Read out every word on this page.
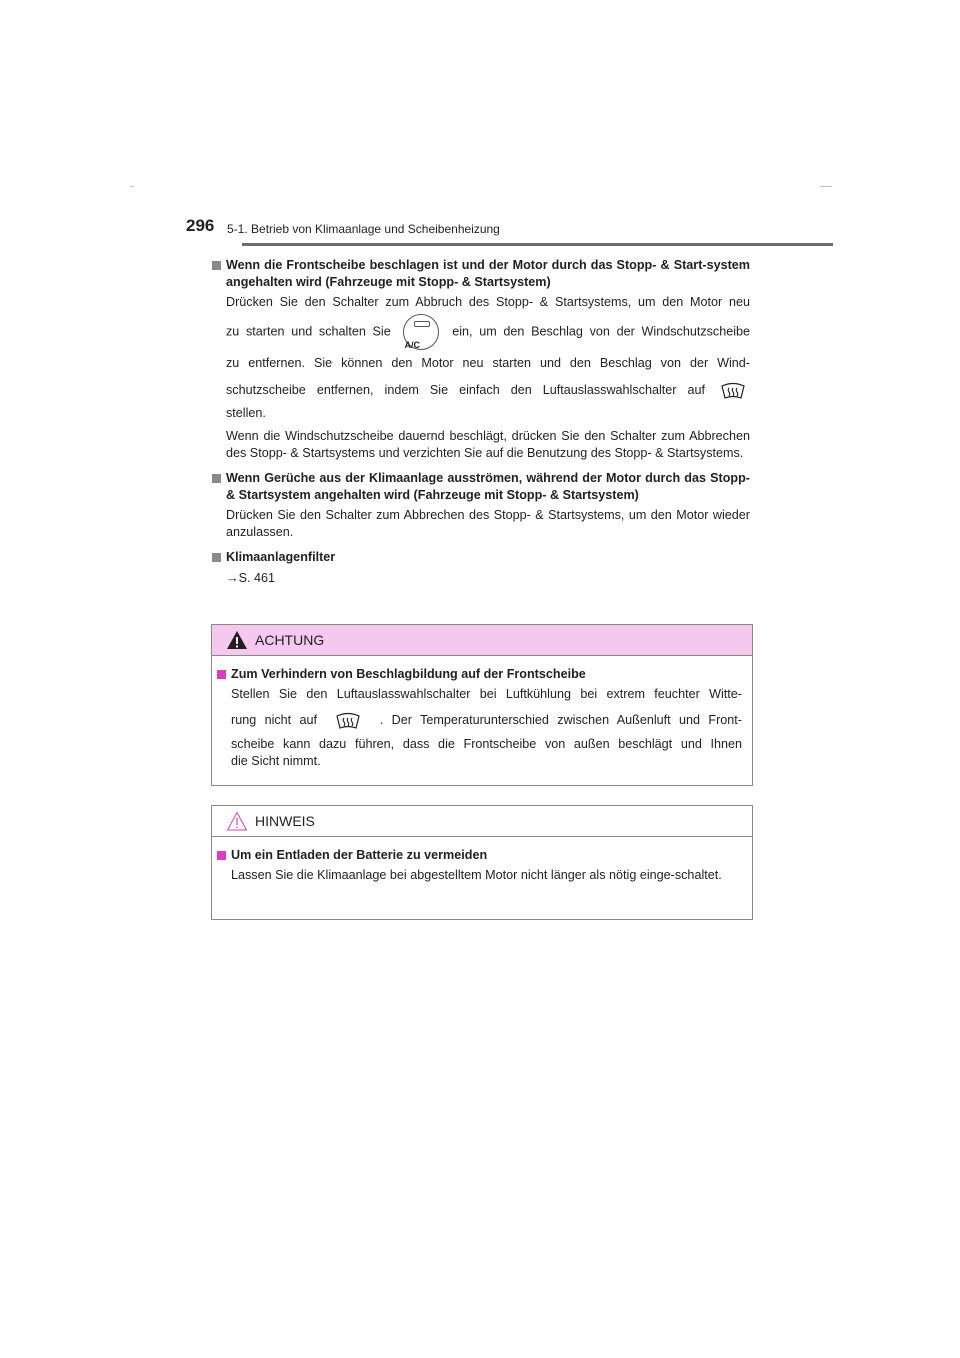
296 5-1. Betrieb von Klimaanlage und Scheibenheizung
Wenn die Frontscheibe beschlagen ist und der Motor durch das Stopp- & Start-system angehalten wird (Fahrzeuge mit Stopp- & Startsystem)
Drücken Sie den Schalter zum Abbruch des Stopp- & Startsystems, um den Motor neu
zu starten und schalten Sie
A/C
ein, um den Beschlag von der Windschutzscheibe
zu entfernen. Sie können den Motor neu starten und den Beschlag von der Wind-
schutzscheibe entfernen, indem Sie einfach den Luftauslasswahlschalter auf
stellen.
Wenn die Windschutzscheibe dauernd beschlägt, drücken Sie den Schalter zum Abbrechen des Stopp- & Startsystems und verzichten Sie auf die Benutzung des Stopp- & Startsystems.
Wenn Gerüche aus der Klimaanlage ausströmen, während der Motor durch das Stopp- & Startsystem angehalten wird (Fahrzeuge mit Stopp- & Startsystem)
Drücken Sie den Schalter zum Abbrechen des Stopp- & Startsystems, um den Motor wieder anzulassen.
Klimaanlagenfilter
→S. 461
ACHTUNG
Zum Verhindern von Beschlagbildung auf der Frontscheibe
Stellen Sie den Luftauslasswahlschalter bei Luftkühlung bei extrem feuchter Witte-
rung nicht auf	. Der Temperaturunterschied zwischen Außenluft und Front-
scheibe kann dazu führen, dass die Frontscheibe von außen beschlägt und Ihnen
die Sicht nimmt.
HINWEIS
Um ein Entladen der Batterie zu vermeiden
Lassen Sie die Klimaanlage bei abgestelltem Motor nicht länger als nötig einge-schaltet.
